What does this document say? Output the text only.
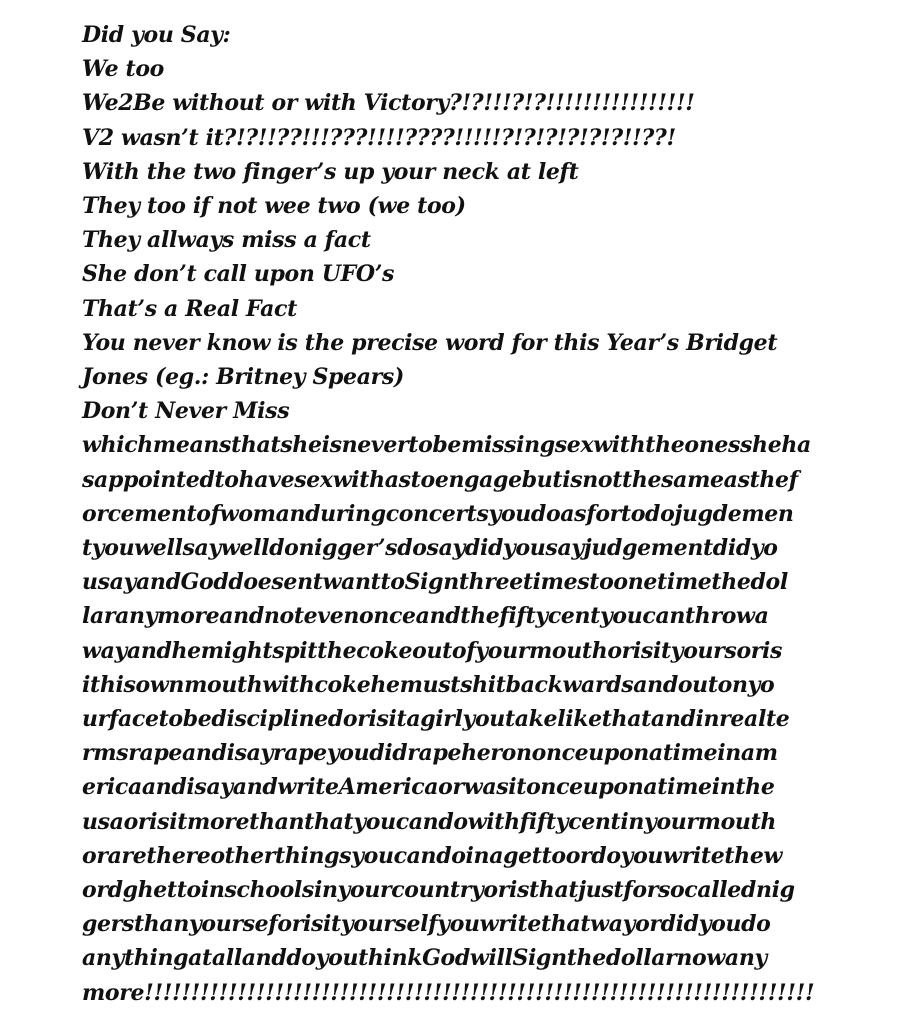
Did you Say:
We too
We2Be without or with Victory?!?!!!?!?!!!!!!!!!!!!!!!!
V2 wasn’t it?!?!!??!!!???!!!!????!!!!!?!?!?!?!?!?!!??!
With the two finger’s up your neck at left
They too if not wee two (we too)
They allways miss a fact
She don’t call upon UFO’s
That’s a Real Fact
You never know is the precise word for this Year’s Bridget
Jones (eg.: Britney Spears)
Don’t Never Miss
whichmeansthatsheisnevertobemissingsexwiththeonessheha
sappointedtohavesexwithastoengagebutisnotthesameasthef
orcementofwomanduringconcertsyoudoasfortodojugdemen
tyouwellsaywelldonigger’sdosaydidyousayjudgementdidyo
usayandGoddoesentwanttoSignthreetimestoonetimethedol
laranymoreandnotevenonceandthefiftycentyoucanthrowa
wayandhemightspitthecokeoutofyourmouthorisityoursoris
ithisownmouthwithcokehemustshitbackwardsandoutonyo
urfacetobedisciplinedorisitagirlyoutakelikethatandinrealte
rmsrapeandisayrapeyoudidrapeherononceuponatimeinam
ericaandisayandwriteAmericaorwasitonceuponatimeinthe
usaorisitmorethanthatyoucandowithfiftycentinyourmouth
orarethereotherthingsyoucandoinagettoordoyouwritethew
ordghettoinschoolsinyourcountryoristhatjustforsocallednig
gersthanyourseforisityourselfyouwritethatwayordidyoudo
anythingatallanddoyouthinkGodwillSignthedollarnowany
more!!!!!!!!!!!!!!!!!!!!!!!!!!!!!!!!!!!!!!!!!!!!!!!!!!!!!!!!!!!!!!!!!!!!!!!!
